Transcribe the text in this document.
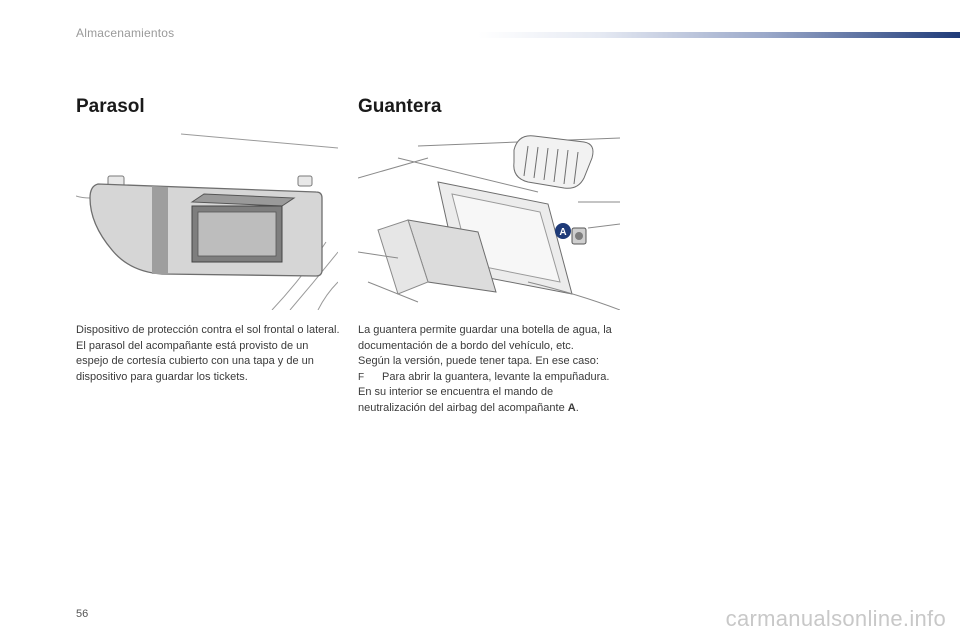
Almacenamientos
Parasol	Guantera
A

Dispositivo de protección contra el sol frontal o lateral.

El parasol del acompañante está provisto de un espejo de cortesía cubierto con una tapa y de un dispositivo para guardar los tickets.

La guantera permite guardar una botella de agua, la documentación de a bordo del vehículo, etc.

Según la versión, puede tener tapa. En ese caso:

F	Para abrir la guantera, levante la empuñadura.

En su interior se encuentra el mando de neutralización del airbag del acompañante A.

56	carmanualsonline.info
